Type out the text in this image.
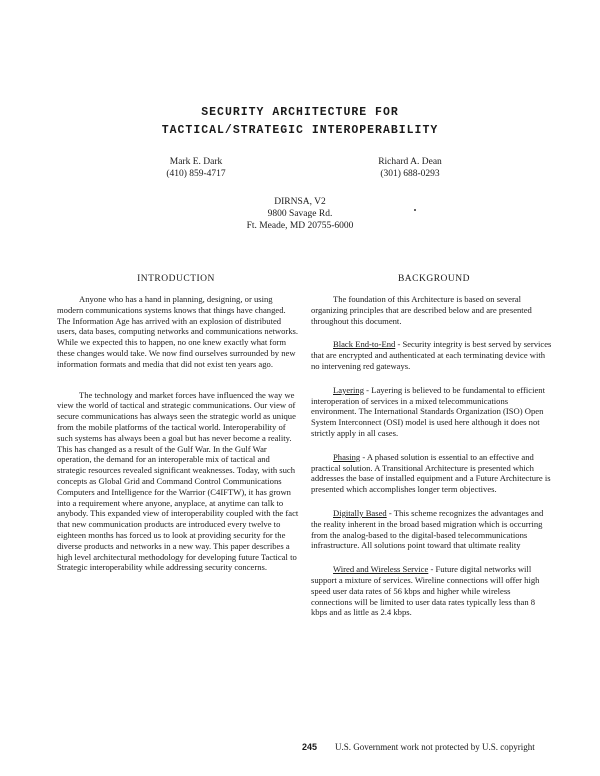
SECURITY ARCHITECTURE FOR
TACTICAL/STRATEGIC INTEROPERABILITY
Mark E. Dark
(410) 859-4717
Richard A. Dean
(301) 688-0293
DIRNSA, V2
9800 Savage Rd.
Ft. Meade, MD 20755-6000
INTRODUCTION	BACKGROUND

Anyone who has a hand in planning, designing, or using modern communications systems knows that things have changed. The Information Age has arrived with an explosion of distributed users, data bases, computing networks and communications networks. While we expected this to happen, no one knew exactly what form these changes would take. We now find ourselves surrounded by new information formats and media that did not exist ten years ago.

The technology and market forces have influenced the way we view the world of tactical and strategic communications. Our view of secure communications has always seen the strategic world as unique from the mobile platforms of the tactical world. Interoperability of such systems has always been a goal but has never become a reality. This has changed as a result of the Gulf War. In the Gulf War operation, the demand for an interoperable mix of tactical and strategic resources revealed significant weaknesses. Today, with such concepts as Global Grid and Command Control Communications Computers and Intelligence for the Warrior (C4IFTW), it has grown into a requirement where anyone, anyplace, at anytime can talk to anybody. This expanded view of interoperability coupled with the fact that new communication products are introduced every twelve to eighteen months has forced us to look at providing security for the diverse products and networks in a new way. This paper describes a high level architectural methodology for developing future Tactical to Strategic interoperability while addressing security concerns.

The foundation of this Architecture is based on several organizing principles that are described below and are presented throughout this document.

Black End-to-End - Security integrity is best served by services that are encrypted and authenticated at each terminating device with no intervening red gateways.

Layering - Layering is believed to be fundamental to efficient interoperation of services in a mixed telecommunications environment. The International Standards Organization (ISO) Open System Interconnect (OSI) model is used here although it does not strictly apply in all cases.

Phasing - A phased solution is essential to an effective and practical solution. A Transitional Architecture is presented which addresses the base of installed equipment and a Future Architecture is presented which accomplishes longer term objectives.

Digitally Based - This scheme recognizes the advantages and the reality inherent in the broad based migration which is occurring from the analog-based to the digital-based telecommunications infrastructure. All solutions point toward that ultimate reality

Wired and Wireless Service - Future digital networks will support a mixture of services. Wireline connections will offer high speed user data rates of 56 kbps and higher while wireless connections will be limited to user data rates typically less than 8 kbps and as little as 2.4 kbps.

245 U.S. Government work not protected by U.S. copyright
